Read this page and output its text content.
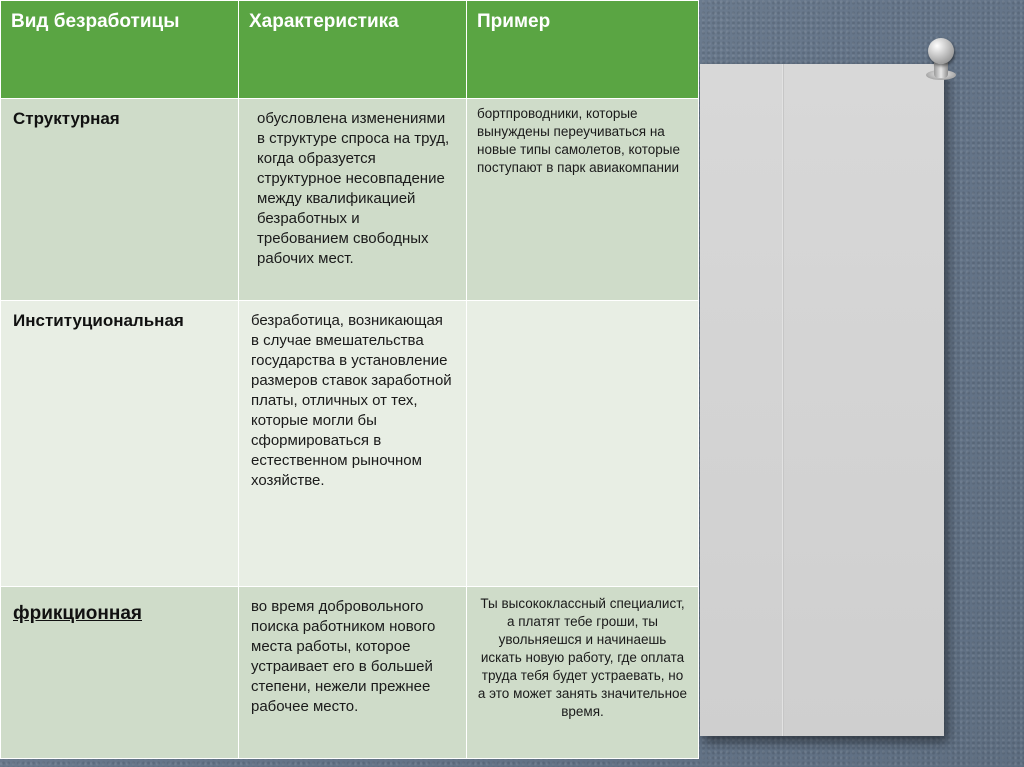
Вид безработицы	Характеристика	Пример
Структурная	обусловлена изменениями в структуре спроса на труд, когда образуется структурное несовпадение между квалификацией безработных и требованием свободных рабочих мест.	бортпроводники, которые вынуждены переучиваться на новые типы самолетов, которые поступают в парк авиакомпании
Институциональная	безработица, возникающая в случае вмешательства государства в установление размеров ставок заработной платы, отличных от тех, которые могли бы сформироваться в естественном рыночном хозяйстве.	
фрикционная	во время добровольного поиска работником нового места работы, которое устраивает его в большей степени, нежели прежнее рабочее место.	Ты высококлассный специалист, а платят тебе гроши, ты увольняешся и начинаешь искать новую работу, где оплата труда тебя будет устраевать, но а это может занять значительное время.
